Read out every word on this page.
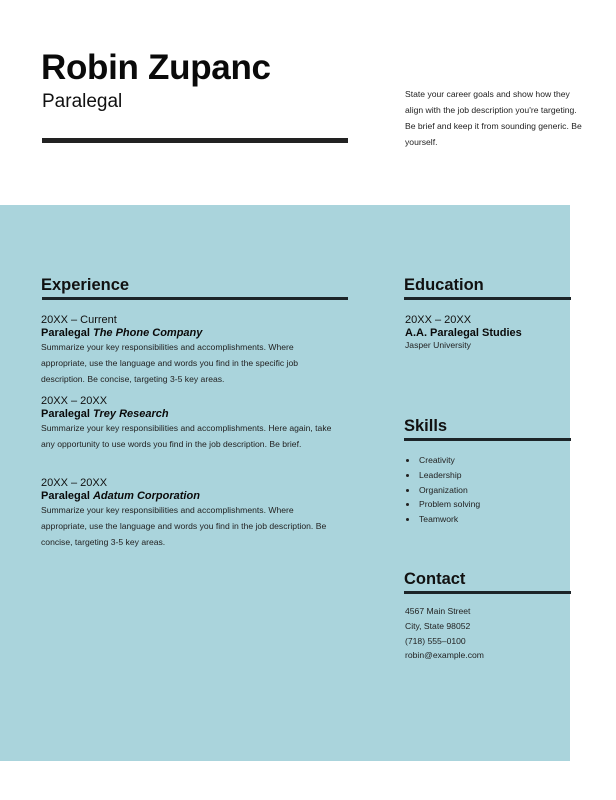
Robin Zupanc
Paralegal	State your career goals and show how they align with the job description you're targeting. Be brief and keep it from sounding generic. Be yourself.
Experience
20XX – Current
Paralegal The Phone Company
Summarize your key responsibilities and accomplishments. Where appropriate, use the language and words you find in the specific job description. Be concise, targeting 3-5 key areas.
20XX – 20XX
Paralegal Trey Research
Summarize your key responsibilities and accomplishments. Here again, take any opportunity to use words you find in the job description. Be brief.
20XX – 20XX
Paralegal Adatum Corporation
Summarize your key responsibilities and accomplishments. Where appropriate, use the language and words you find in the job description. Be concise, targeting 3-5 key areas.
Education
20XX – 20XX
A.A. Paralegal Studies
Jasper University
Skills
Creativity
Leadership
Organization
Problem solving
Teamwork
Contact
4567 Main Street
City, State 98052
(718) 555–0100
robin@example.com
